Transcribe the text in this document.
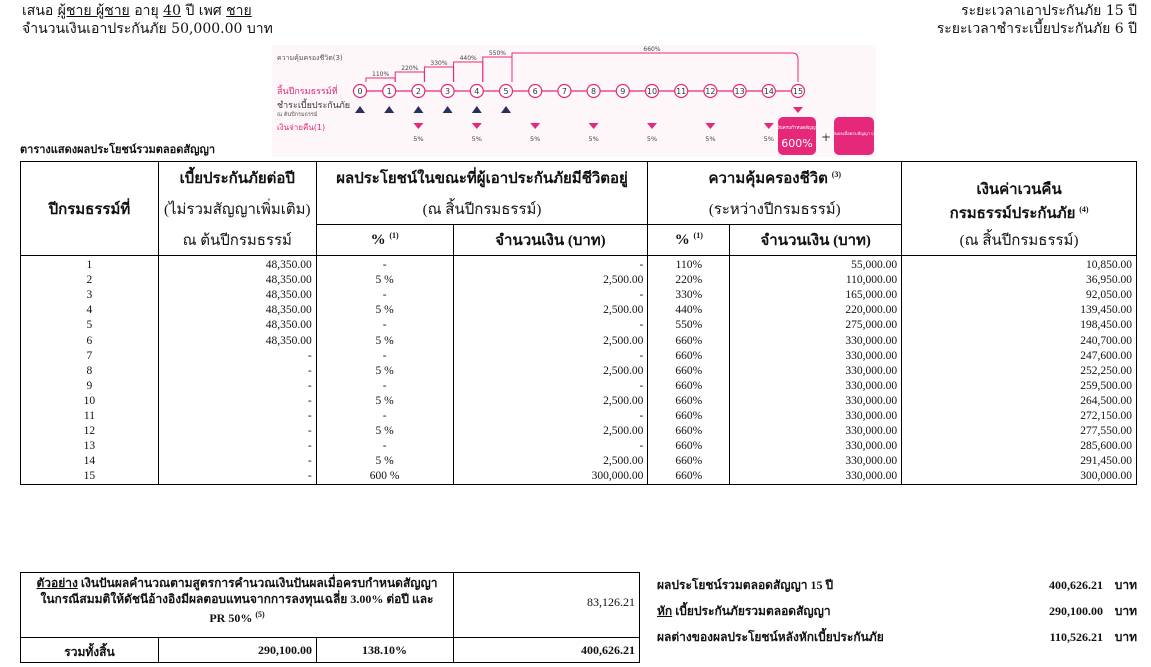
เสนอ ผู้ชาย ผู้ชาย อายุ 40 ปี เพศ ชาย
จำนวนเงินเอาประกันภัย 50,000.00 บาท
ระยะเวลาเอาประกันภัย 15 ปี
ระยะเวลาชำระเบี้ยประกันภัย 6 ปี
ความคุ้มครองชีวิต(3)
สิ้นปีกรมธรรม์ที่
ชำระเบี้ยประกันภัย
ณ ต้นปีกรมธรรม์
เงินจ่ายคืน(1)
110%
220%
330%
440%
550%
660%
0	1	2	3	4	5	6	7	8	9	10 11 12 13 14 15
5%	5%	5%	5%	5%	5%	5%
เงินครบกำหนดสัญญา
600% +
เงินปันผลเมื่อครบสัญญา (ถ้ามี)
ตารางแสดงผลประโยชน์รวมตลอดสัญญา
ปีกรมธรรม์ที่	เบี้ยประกันภัยต่อปี	ผลประโยชน์ในขณะที่ผู้เอาประกันภัยมีชีวิตอยู่		ความคุ้มครองชีวิต $^{(3)}$		เงินค่าเวนคืน
กรมธรรม์ประกันภัย $^{(4)}$
	(ไม่รวมสัญญาเพิ่มเติม)	(ณ สิ้นปีกรมธรรม์)		(ระหว่างปีกรมธรรม์)		
	ณ ต้นปีกรมธรรม์	% $^{(1)}$	จำนวนเงิน (บาท)	% $^{(1)}$	จำนวนเงิน (บาท)	(ณ สิ้นปีกรมธรรม์)
1	48,350.00	-	-	110%	55,000.00	10,850.00
2	48,350.00	5 %	2,500.00	220%	110,000.00	36,950.00
3	48,350.00	-	-	330%	165,000.00	92,050.00
4	48,350.00	5 %	2,500.00	440%	220,000.00	139,450.00
5	48,350.00	-	-	550%	275,000.00	198,450.00
6	48,350.00	5 %	2,500.00	660%	330,000.00	240,700.00
7	-	-	-	660%	330,000.00	247,600.00
8	-	5 %	2,500.00	660%	330,000.00	252,250.00
9	-	-	-	660%	330,000.00	259,500.00
10	-	5 %	2,500.00	660%	330,000.00	264,500.00
11	-	-	-	660%	330,000.00	272,150.00
12	-	5 %	2,500.00	660%	330,000.00	277,550.00
13	-	-	-	660%	330,000.00	285,600.00
14	-	5 %	2,500.00	660%	330,000.00	291,450.00
15	-	600 %	300,000.00	660%	330,000.00	300,000.00
ตัวอย่าง เงินปันผลคำนวณตามสูตรการคำนวณเงินปันผลเมื่อครบกำหนดสัญญา
ในกรณีสมมติให้ดัชนีอ้างอิงมีผลตอบแทนจากการลงทุนเฉลี่ย 3.00% ต่อปี และ
PR 50% $^{(5)}$
83,126.21
รวมทั้งสิ้น	290,100.00	138.10%	400,626.21
ผลประโยชน์รวมตลอดสัญญา 15 ปี	400,626.21 บาท
หัก เบี้ยประกันภัยรวมตลอดสัญญา	290,100.00 บาท
ผลต่างของผลประโยชน์หลังหักเบี้ยประกันภัย	110,526.21 บาท
